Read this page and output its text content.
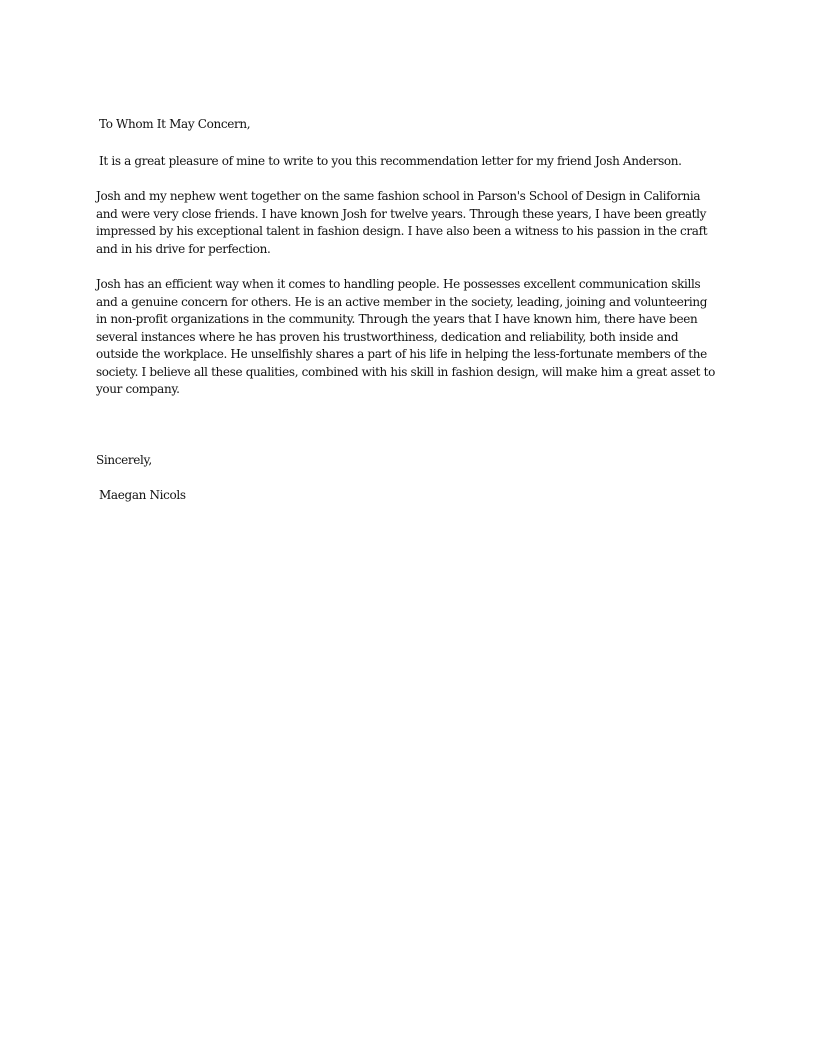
To Whom It May Concern,

It is a great pleasure of mine to write to you this recommendation letter for my friend Josh Anderson.

Josh and my nephew went together on the same fashion school in Parson's School of Design in California and were very close friends. I have known Josh for twelve years. Through these years, I have been greatly impressed by his exceptional talent in fashion design. I have also been a witness to his passion in the craft and in his drive for perfection.

Josh has an efficient way when it comes to handling people. He possesses excellent communication skills and a genuine concern for others. He is an active member in the society, leading, joining and volunteering in non-profit organizations in the community. Through the years that I have known him, there have been several instances where he has proven his trustworthiness, dedication and reliability, both inside and outside the workplace. He unselfishly shares a part of his life in helping the less-fortunate members of the society. I believe all these qualities, combined with his skill in fashion design, will make him a great asset to your company.

Sincerely,

Maegan Nicols
